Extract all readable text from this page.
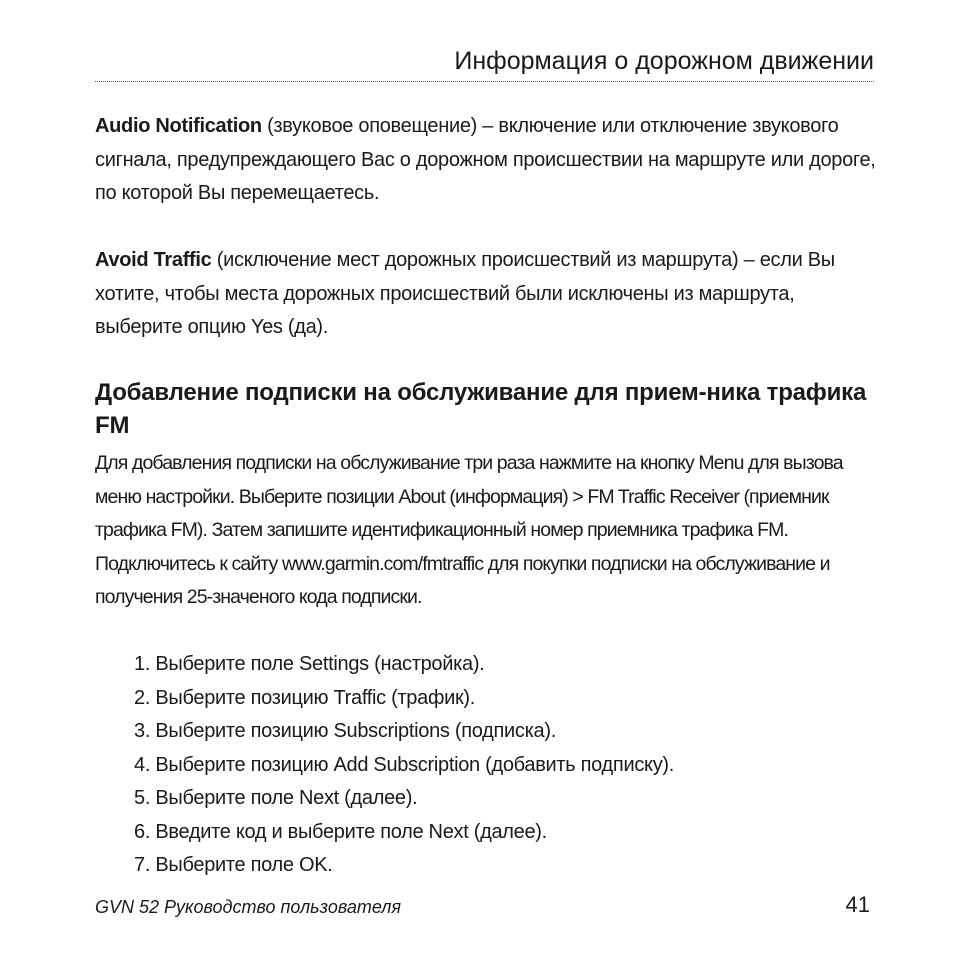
Информация о дорожном движении
Audio Notification (звуковое оповещение) – включение или отключение звукового сигнала, предупреждающего Вас о дорожном происшествии на маршруте или дороге, по которой Вы перемещаетесь.
Avoid Traffic (исключение мест дорожных происшествий из маршрута) – если Вы хотите, чтобы места дорожных происшествий были исключены из маршрута, выберите опцию Yes (да).
Добавление подписки на обслуживание для прием-ника трафика FM
Для добавления подписки на обслуживание три раза нажмите на кнопку Menu для вызова меню настройки. Выберите позиции About (информация) > FM Traffic Receiver (приемник трафика FM). Затем запишите идентификационный номер приемника трафика FM. Подключитесь к сайту www.garmin.com/fmtraffic для покупки подписки на обслуживание и получения 25-значеного кода подписки.
1. Выберите поле Settings (настройка).
2. Выберите позицию Traffic (трафик).
3. Выберите позицию Subscriptions (подписка).
4. Выберите позицию Add Subscription (добавить подписку).
5. Выберите поле Next (далее).
6. Введите код и выберите поле Next (далее).
7. Выберите поле OK.
GVN 52 Руководство пользователя	41
